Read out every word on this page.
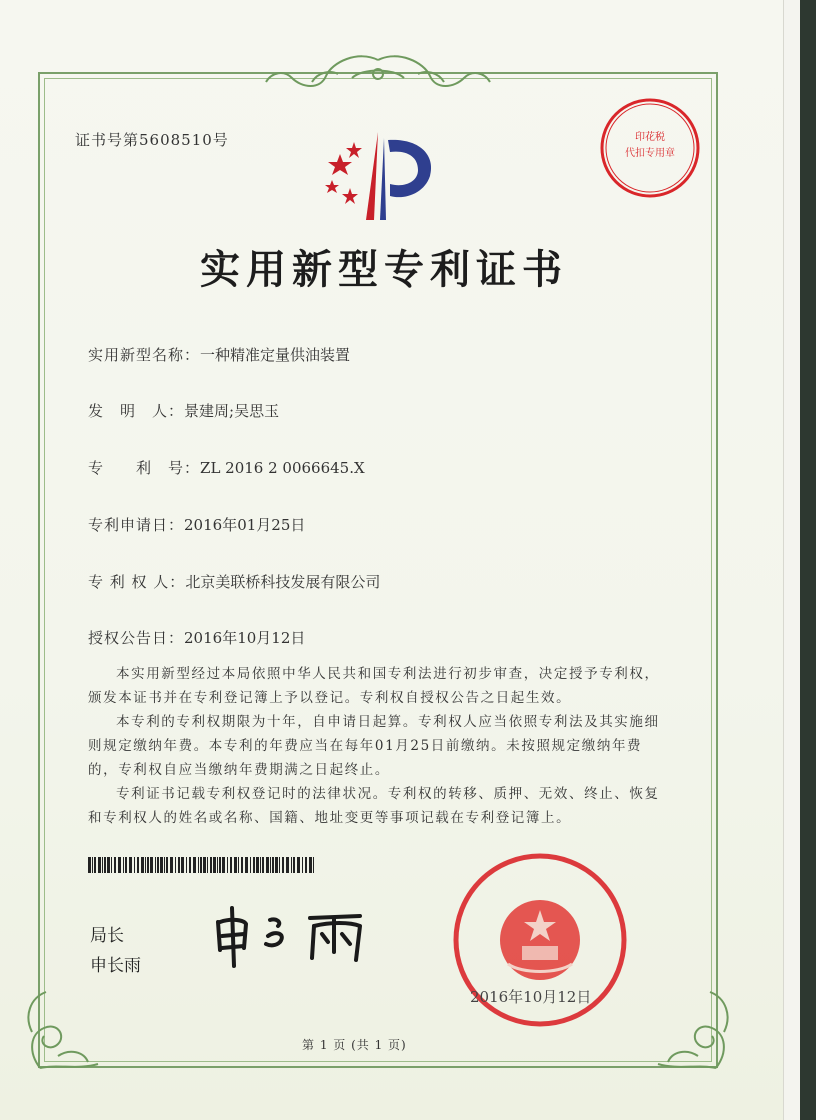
证书号第5608510号
实用新型专利证书
实用新型名称：一种精准定量供油装置
发　明　人：景建周;吴思玉
专　　利　号：ZL 2016 2 0066645.X
专利申请日：2016年01月25日
专 利 权 人：北京美联桥科技发展有限公司
授权公告日：2016年10月12日
本实用新型经过本局依照中华人民共和国专利法进行初步审查，决定授予专利权，颁发本证书并在专利登记簿上予以登记。专利权自授权公告之日起生效。
本专利的专利权期限为十年，自申请日起算。专利权人应当依照专利法及其实施细则规定缴纳年费。本专利的年费应当在每年01月25日前缴纳。未按照规定缴纳年费的，专利权自应当缴纳年费期满之日起终止。
专利证书记载专利权登记时的法律状况。专利权的转移、质押、无效、终止、恢复和专利权人的姓名或名称、国籍、地址变更等事项记载在专利登记簿上。
局长
申长雨
印花税
代扣专用章
2016年10月12日
第 1 页 (共 1 页)
